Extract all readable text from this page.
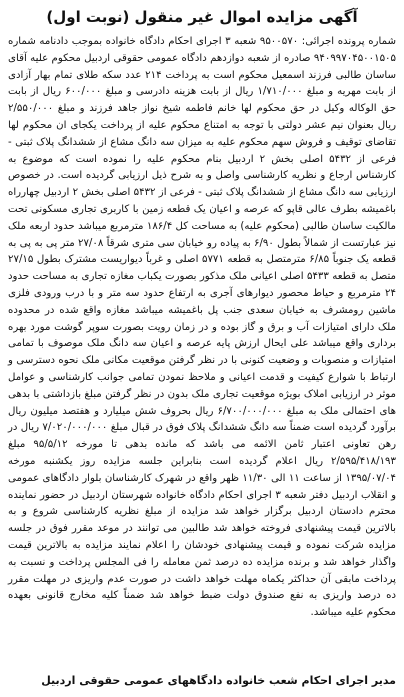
آگهی مزایده اموال غیر منقول (نوبت اول)
شماره پرونده اجرائی: ۹۵۰۰۵۷۰ شعبه ۳ اجرای احکام دادگاه خانواده بموجب دادنامه شماره ۹۴۰۹۹۷۰۴۵۰۰۱۵۰۵ صادره از شعبه دوازدهم دادگاه عمومی حقوقی اردبیل محکوم علیه آقای ساسان طالبی فرزند اسمعیل محکوم است به پرداخت ۲۱۴ عدد سکه طلای تمام بهار آزادی از بابت مهریه و مبلغ ۱/۷۱۰/۰۰۰ ریال از بابت هزینه دادرسی و مبلغ ۶۰۰/۰۰۰ ریال از بابت حق الوکاله وکیل در حق محکوم لها خانم فاطمه شیخ نواز جاهد فرزند و مبلغ ۲/۵۵۰/۰۰۰ ریال بعنوان نیم عشر دولتی با توجه به امتناع محکوم علیه از پرداخت یکجای ان محکوم لها تقاضای توقیف و فروش سهم محکوم علیه به میزان سه دانگ مشاع از ششدانگ پلاک ثبتی - فرعی از ۵۴۳۲ اصلی بخش ۲ اردبیل بنام محکوم علیه را نموده است که موضوع به کارشناس ارجاع و نظریه کارشناسی واصل و به شرح ذیل ارزیابی گردیده است. در خصوص ارزیابی سه دانگ مشاع از ششدانگ پلاک ثبتی - فرعی از ۵۴۳۲ اصلی بخش ۲ اردبیل چهارراه باغمیشه بطرف عالی قاپو که عرصه و اعیان یک قطعه زمین با کاربری تجاری مسکونی تحت مالکیت ساسان طالبی (محکوم علیه) به مساحت کل ۱۸۶/۴ مترمربع میباشد حدود اربعه ملک نیز عبارتست از شمالاً بطول ۶/۹۰ به پیاده رو خیابان سی متری شرقاً ۲۷/۰۸ متر پی به پی به قطعه یک جنوباً ۶/۸۵ مترمتصل به قطعه ۵۷۷۱ اصلی و غرباً دیواریست مشترک بطول ۲۷/۱۵ متصل به قطعه ۵۴۳۳ اصلی اعیانی ملک مذکور بصورت یکباب مغازه تجاری به مساحت حدود ۲۴ مترمربع و حیاط محصور دیوارهای آجری به ارتفاع حدود سه متر و با درب ورودی فلزی ماشین رومشرف به خیابان سعدی جنب پل باغمیشه میباشد مغازه واقع شده در محدوده ملک دارای امتیازات آب و برق و گاز بوده و در زمان رویت بصورت سوپر گوشت مورد بهره برداری واقع میباشد علی ایحال ارزش پایه عرصه و اعیان سه دانگ ملک موصوف با تمامی امتیازات و منصوبات و وضعیت کنونی با در نظر گرفتن موقعیت مکانی ملک نحوه دسترسی و ارتباط با شوارع کیفیت و قدمت اعیانی و ملاحظ نمودن تمامی جوانب کارشناسی و عوامل موثر در ارزیابی املاک بویژه موقعیت تجاری ملک بدون در نظر گرفتن مبلغ بازداشتی با بدهی های احتمالی ملک به مبلغ ۶/۷۰۰/۰۰۰/۰۰۰ ریال بحروف شش میلیارد و هفتصد میلیون ریال برآورد گردیده است ضمناً سه دانگ ششدانگ پلاک فوق در قبال مبلغ ۷/۰۲۰/۰۰۰/۰۰۰ ریال در رهن تعاونی اعتبار ثامن الائمه می باشد که مانده بدهی تا مورخه ۹۵/۵/۱۲ مبلغ ۲/۵۹۵/۴۱۸/۱۹۳ ریال اعلام گردیده است بنابراین جلسه مزایده روز یکشنبه مورخه ۱۳۹۵/۰۷/۰۴ از ساعت ۱۱ الی ۱۱/۳۰ ظهر واقع در شهرک کارشناسان بلوار دادگاهای عمومی و انقلاب اردبیل دفتر شعبه ۳ اجرای احکام دادگاه خانواده شهرستان اردبیل در حضور نماینده محترم دادستان اردبیل برگزار خواهد شد مزایده از مبلغ نظریه کارشناسی شروع و به بالاترین قیمت پیشنهادی فروخته خواهد شد طالبین می توانند در موعد مقرر فوق در جلسه مزایده شرکت نموده و قیمت پیشنهادی خودشان را اعلام نمایند مزایده به بالاترین قیمت واگذار خواهد شد و برنده مزایده ده درصد ثمن معامله را فی المجلس پرداخت و نسبت به پرداخت مابقی آن حداکثر یکماه مهلت خواهد داشت در صورت عدم واریزی در مهلت مقرر ده درصد واریزی به نفع صندوق دولت ضبط خواهد شد ضمناً کلیه مخارج قانونی بعهده محکوم علیه میباشد.
مدیر اجرای احکام شعب خانواده دادگاههای عمومی حقوقی اردبیل
